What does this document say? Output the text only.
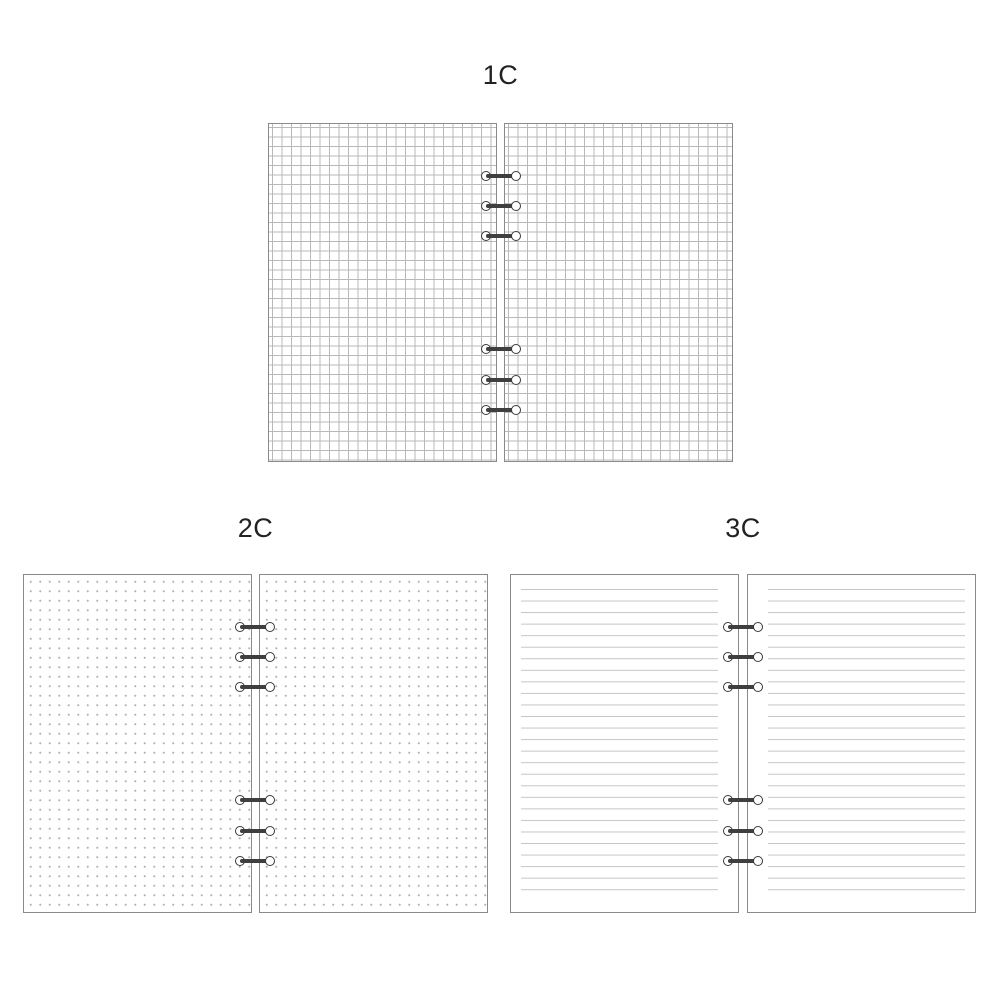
1C
2C	3C
